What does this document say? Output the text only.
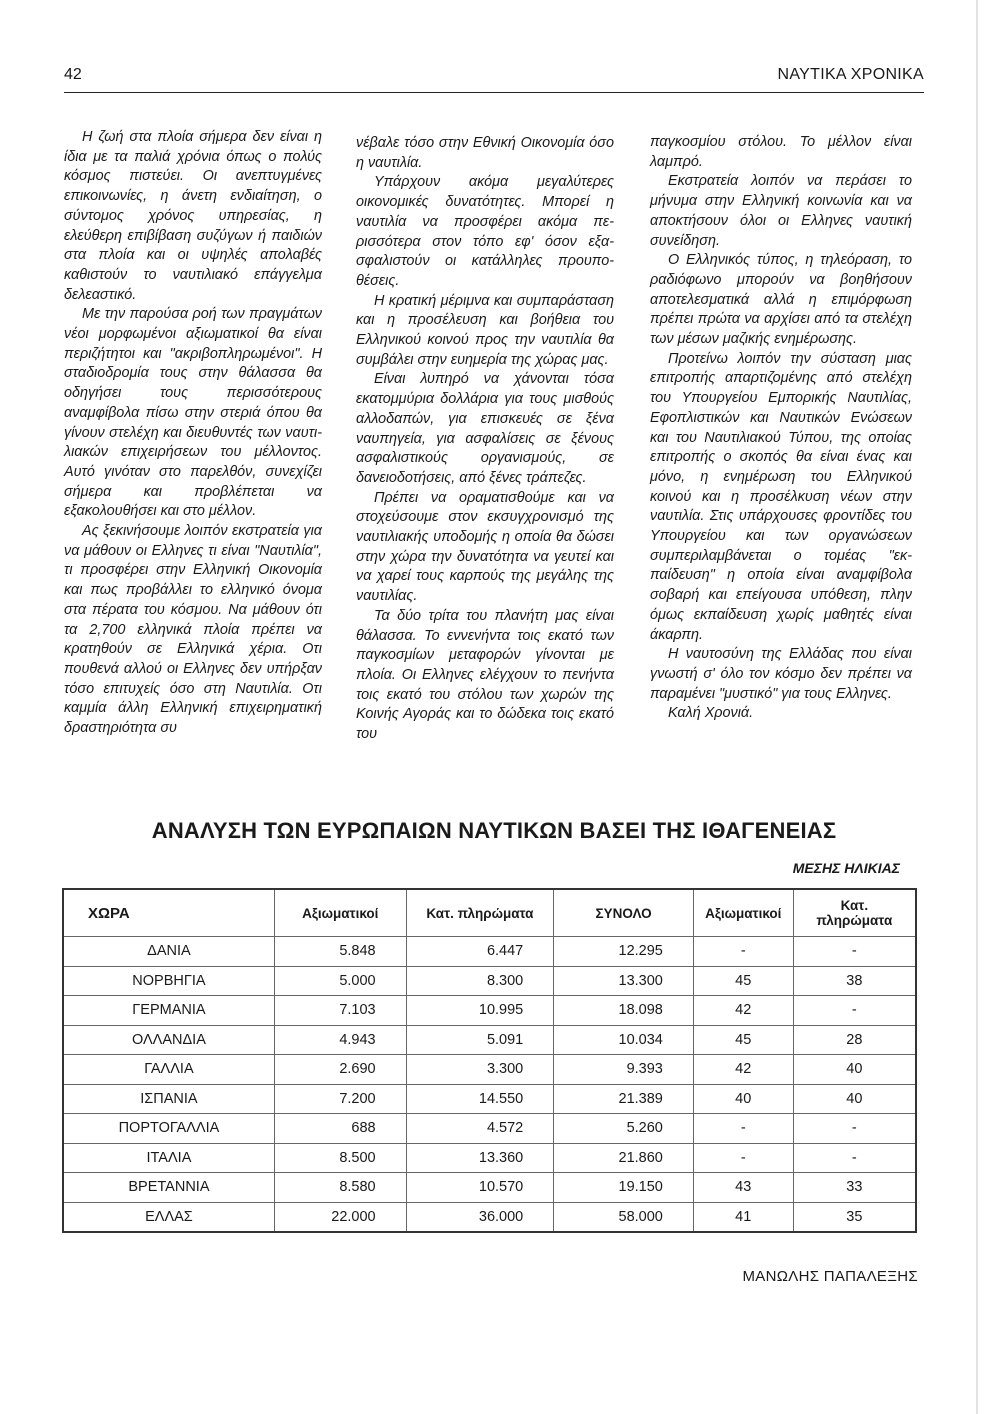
42	ΝΑΥΤΙΚΑ ΧΡΟΝΙΚΑ

Η ζωή στα πλοία σήμερα δεν είναι η ίδια με τα παλιά χρόνια όπως ο πολύς κόσμος πιστεύει. Οι ανεπτυγμένες επικοινωνίες, η άνετη ενδιαίτηση, ο σύντομος χρόνος υπηρεσίας, η ελεύθερη επιβίβαση συζύγων ή παιδιών στα πλοία και οι υψηλές απολαβές καθιστούν το ναυτιλιακό επάγγελμα δελεαστικό.

Με την παρούσα ροή των πραγμάτων νέοι μορφωμένοι αξιωματικοί θα είναι περιζήτητοι και "ακριβοπληρωμένοι". Η σταδιοδρομία τους στην θάλασσα θα οδηγήσει τους περισσότερους αναμφίβολα πίσω στην στεριά όπου θα γίνουν στελέχη και διευθυντές των ναυτιλιακών επιχειρήσεων του μέλλοντος. Αυτό γινόταν στο παρελθόν, συνεχίζει σήμερα και προβλέπεται να εξακολουθήσει και στο μέλλον.

Ας ξεκινήσουμε λοιπόν εκστρατεία για να μάθουν οι Ελληνες τι είναι "Ναυτιλία", τι προσφέρει στην Ελληνική Οικονομία και πως προβάλλει το ελληνικό όνομα στα πέρατα του κόσμου. Να μάθουν ότι τα 2,700 ελληνικά πλοία πρέπει να κρατηθούν σε Ελληνικά χέρια. Οτι πουθενά αλλού οι Ελληνες δεν υπήρξαν τόσο επιτυχείς όσο στη Ναυτιλία. Οτι καμμία άλλη Ελληνική επιχειρηματική δραστηριότητα συ

νέβαλε τόσο στην Εθνική Οικονομία όσο η ναυτιλία.

Υπάρχουν ακόμα μεγαλύτερες οικονομικές δυνατότητες. Μπορεί η ναυτιλία να προσφέρει ακόμα περισσότερα στον τόπο εφ' όσον εξασφαλιστούν οι κατάλληλες προυποθέσεις.

Η κρατική μέριμνα και συμπαράσταση και η προσέλευση και βοήθεια του Ελληνικού κοινού προς την ναυτιλία θα συμβάλει στην ευημερία της χώρας μας.

Είναι λυπηρό να χάνονται τόσα εκατομμύρια δολλάρια για τους μισθούς αλλοδαπών, για επισκευές σε ξένα ναυπηγεία, για ασφαλίσεις σε ξένους ασφαλιστικούς οργανισμούς, σε δανειοδοτήσεις, από ξένες τράπεζες.

Πρέπει να οραματισθούμε και να στοχεύσουμε στον εκσυγχρονισμό της ναυτιλιακής υποδομής η οποία θα δώσει στην χώρα την δυνατότητα να γευτεί και να χαρεί τους καρπούς της μεγάλης της ναυτιλίας.

Τα δύο τρίτα του πλανήτη μας είναι θάλασσα. Το εννενήντα τοις εκατό των παγκοσμίων μεταφορών γίνονται με πλοία. Οι Ελληνες ελέγχουν το πενήντα τοις εκατό του στόλου των χωρών της Κοινής Αγοράς και το δώδεκα τοις εκατό του

παγκοσμίου στόλου. Το μέλλον είναι λαμπρό.

Εκστρατεία λοιπόν να περάσει το μήνυμα στην Ελληνική κοινωνία και να αποκτήσουν όλοι οι Ελληνες ναυτική συνείδηση.

Ο Ελληνικός τύπος, η τηλεόραση, το ραδιόφωνο μπορούν να βοηθήσουν αποτελεσματικά αλλά η επιμόρφωση πρέπει πρώτα να αρχίσει από τα στελέχη των μέσων μαζικής ενημέρωσης.

Προτείνω λοιπόν την σύσταση μιας επιτροπής απαρτιζομένης από στελέχη του Υπουργείου Εμπορικής Ναυτιλίας, Εφοπλιστικών και Ναυτικών Ενώσεων και του Ναυτιλιακού Τύπου, της οποίας επιτροπής ο σκοπός θα είναι ένας και μόνο, η ενημέρωση του Ελληνικού κοινού και η προσέλκυση νέων στην ναυτιλία. Στις υπάρχουσες φροντίδες του Υπουργείου και των οργανώσεων συμπεριλαμβάνεται ο τομέας "εκπαίδευση" η οποία είναι αναμφίβολα σοβαρή και επείγουσα υπόθεση, πλην όμως εκπαίδευση χωρίς μαθητές είναι άκαρπη.

Η ναυτοσύνη της Ελλάδας που είναι γνωστή σ' όλο τον κόσμο δεν πρέπει να παραμένει "μυστικό" για τους Ελληνες.

Καλή Χρονιά.

ΑΝΑΛΥΣΗ ΤΩΝ ΕΥΡΩΠΑΙΩΝ ΝΑΥΤΙΚΩΝ ΒΑΣΕΙ ΤΗΣ ΙΘΑΓΕΝΕΙΑΣ
ΜΕΣΗΣ ΗΛΙΚΙΑΣ
ΧΩΡΑ	Αξιωματικοί	Κατ. πληρώματα	ΣΥΝΟΛΟ	Αξιωματικοί	Κατ. πληρώματα
ΔΑΝΙΑ	5.848	6.447	12.295	-	-
ΝΟΡΒΗΓΙΑ	5.000	8.300	13.300	45	38
ΓΕΡΜΑΝΙΑ	7.103	10.995	18.098	42	-
ΟΛΛΑΝΔΙΑ	4.943	5.091	10.034	45	28
ΓΑΛΛΙΑ	2.690	3.300	9.393	42	40
ΙΣΠΑΝΙΑ	7.200	14.550	21.389	40	40
ΠΟΡΤΟΓΑΛΛΙΑ	688	4.572	5.260	-	-
ΙΤΑΛΙΑ	8.500	13.360	21.860	-	-
ΒΡΕΤΑΝΝΙΑ	8.580	10.570	19.150	43	33
ΕΛΛΑΣ	22.000	36.000	58.000	41	35
ΜΑΝΩΛΗΣ ΠΑΠΑΛΕΞΗΣ
